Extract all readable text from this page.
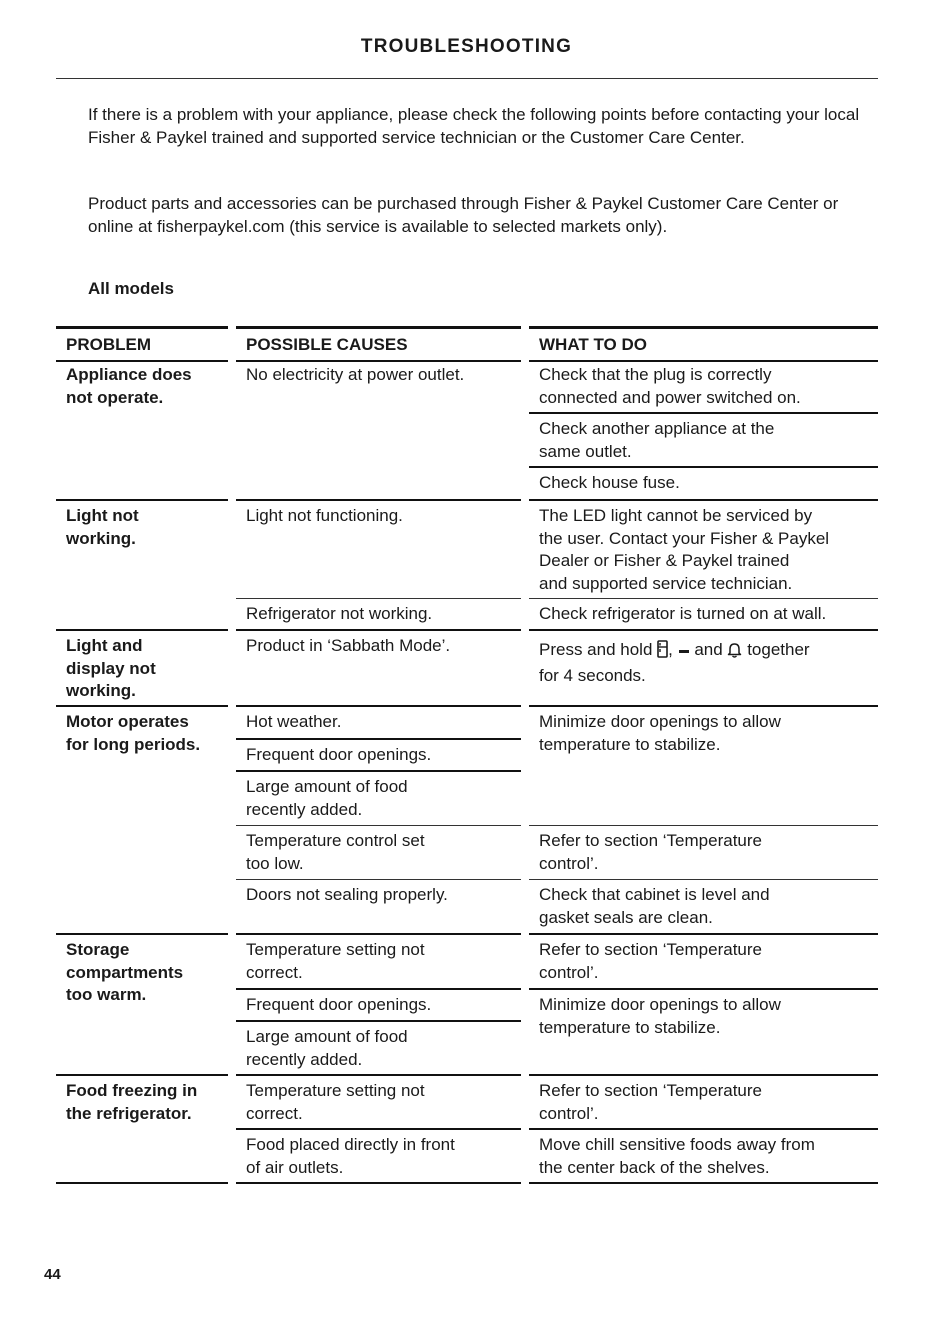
TROUBLESHOOTING
If there is a problem with your appliance, please check the following points before contacting your local Fisher & Paykel trained and supported service technician or the Customer Care Center.
Product parts and accessories can be purchased through Fisher & Paykel Customer Care Center or online at fisherpaykel.com (this service is available to selected markets only).
All models
PROBLEM	POSSIBLE CAUSES	WHAT TO DO
Appliance does
not operate.
Light not
working.
Light and
display not
working.
Motor operates
for long periods.
Storage
compartments
too warm.
Food freezing in
the refrigerator.
No electricity at power outlet.
Light not functioning.
Refrigerator not working.
Product in ‘Sabbath Mode’.
Hot weather.
Frequent door openings.
Large amount of food
recently added.
Temperature control set
too low.
Doors not sealing properly.
Temperature setting not
correct.
Frequent door openings.
Large amount of food
recently added.
Temperature setting not
correct.
Food placed directly in front
of air outlets.
Check that the plug is correctly
connected and power switched on.
Check another appliance at the
same outlet.
Check house fuse.
The LED light cannot be serviced by
the user. Contact your Fisher & Paykel
Dealer or Fisher & Paykel trained
and supported service technician.
Check refrigerator is turned on at wall.
Press and hold , and together
for 4 seconds.
Minimize door openings to allow
temperature to stabilize.
Refer to section ‘Temperature
control’.
Check that cabinet is level and
gasket seals are clean.
Refer to section ‘Temperature
control’.
Minimize door openings to allow
temperature to stabilize.
Refer to section ‘Temperature
control’.
Move chill sensitive foods away from
the center back of the shelves.
44
